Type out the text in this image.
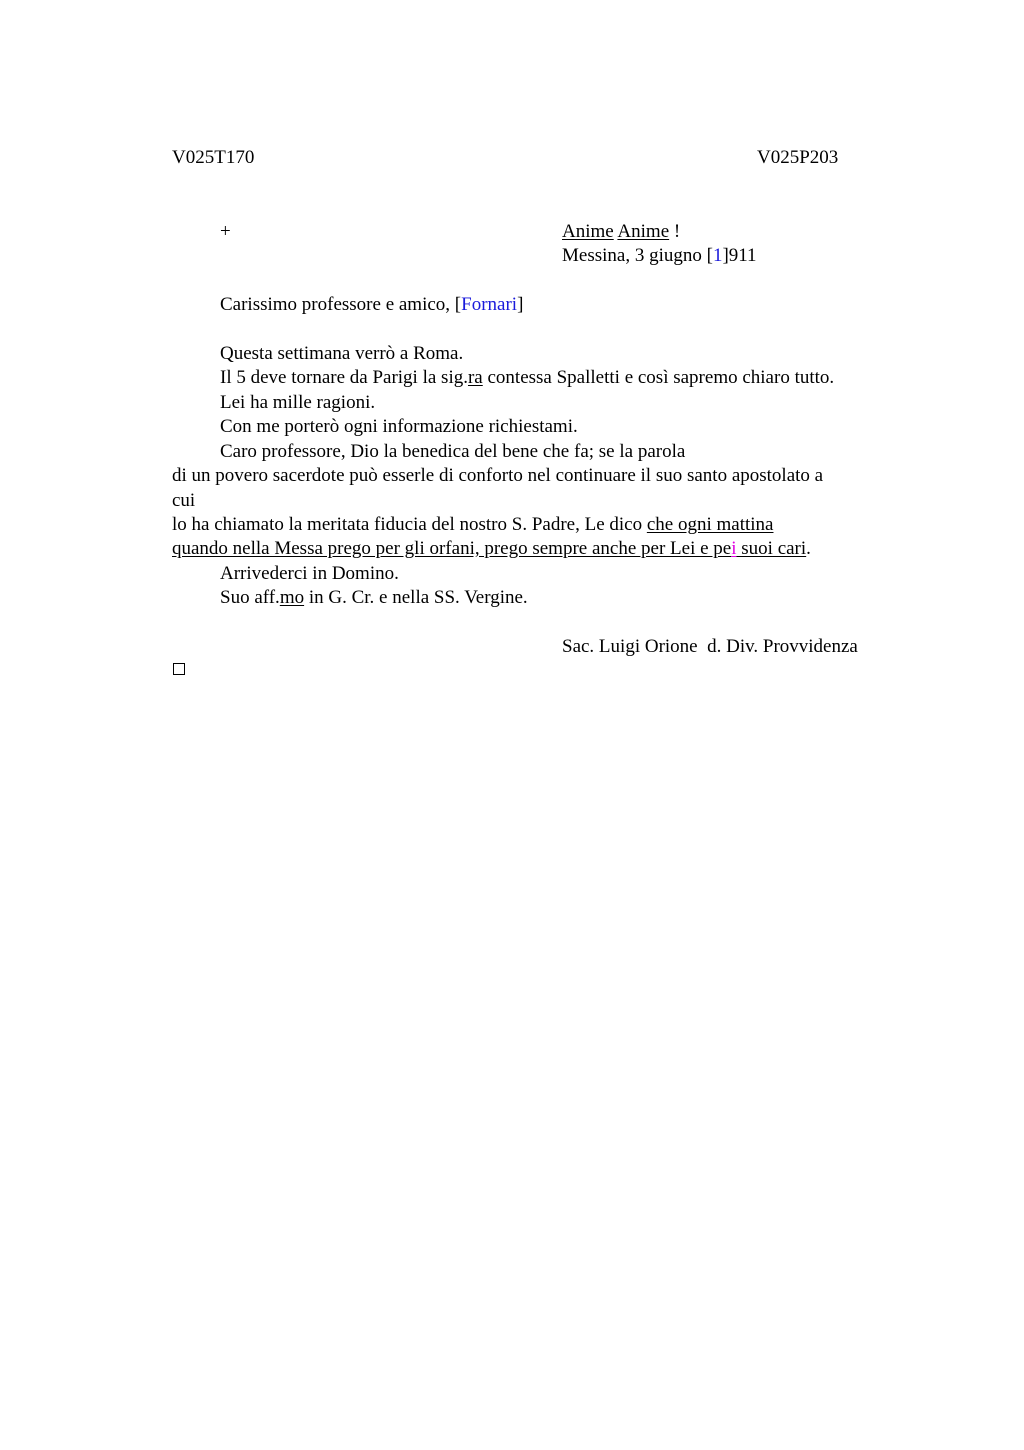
V025T170	V025P203
+	Anime Anime !
Messina, 3 giugno [1]911
Carissimo professore e amico, [Fornari]
Questa settimana verrò a Roma.
Il 5 deve tornare da Parigi la sig.ra contessa Spalletti e così sapremo chiaro tutto.
Lei ha mille ragioni.
Con me porterò ogni informazione richiestami.
Caro professore, Dio la benedica del bene che fa; se la parola
di un povero sacerdote può esserle di conforto nel continuare il suo santo apostolato a
cui
lo ha chiamato la meritata fiducia del nostro S. Padre, Le dico che ogni mattina
quando nella Messa prego per gli orfani, prego sempre anche per Lei e pei suoi cari.
Arrivederci in Domino.
Suo aff.mo in G. Cr. e nella SS. Vergine.
Sac. Luigi Orione  d. Div. Provvidenza
